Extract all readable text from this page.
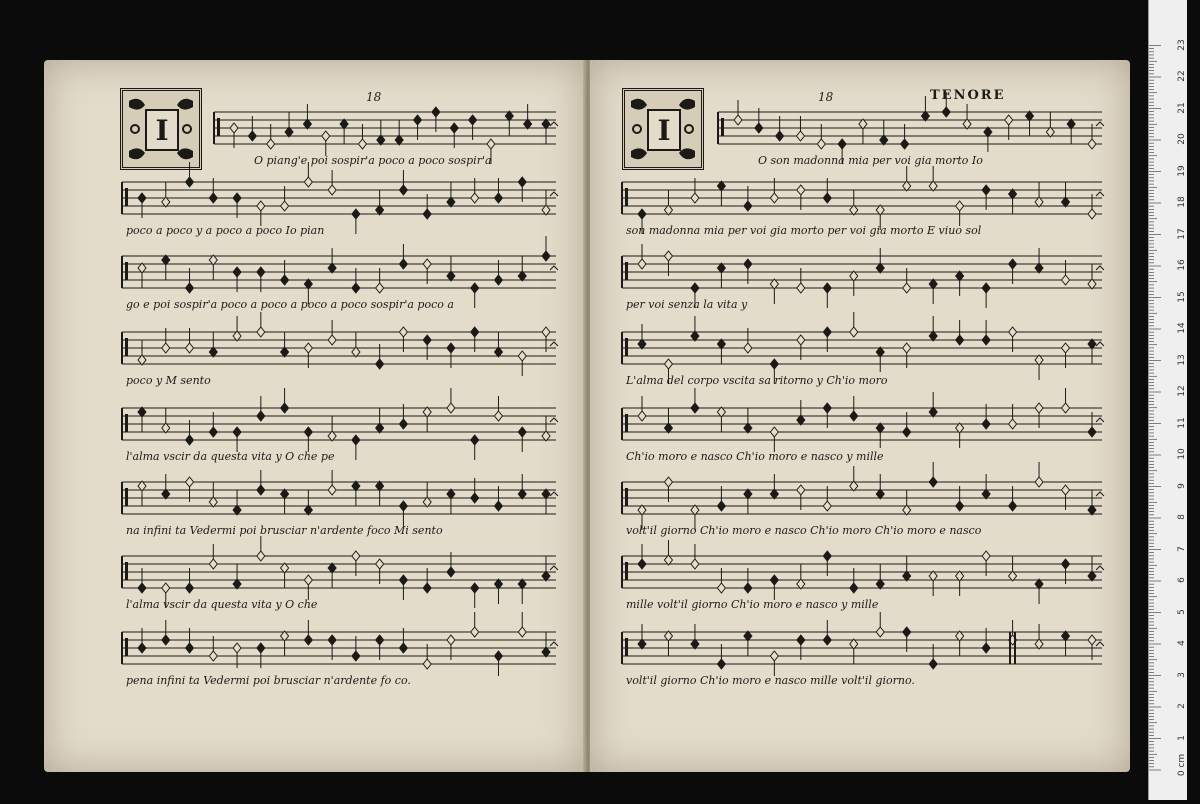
I
18
O piang'e poi sospir'a poco a poco sospir'a
poco a poco y a poco a poco Io pian
go e poi sospir'a poco a poco a poco a poco sospir'a poco a
poco y M sento
l'alma vscir da questa vita y O che pe
na infini ta Vedermi poi brusciar n'ardente foco Mi sento
l'alma vscir da questa vita y O che
pena infini ta Vedermi poi brusciar n'ardente fo co.
I
18	TENORE
O son madonna mia per voi gia morto Io
son madonna mia per voi gia morto per voi gia morto E viuo sol
per voi senza la vita y
L'alma del corpo vscita sa ritorno y Ch'io moro
Ch'io moro e nasco Ch'io moro e nasco y mille
volt'il giorno Ch'io moro e nasco Ch'io moro Ch'io moro e nasco
mille volt'il giorno Ch'io moro e nasco y mille
volt'il giorno Ch'io moro e nasco mille volt'il giorno.
1
2
3
4
5
6
7
8
9
10
11
12
13
14
15
16
17
18
19
20
21
22
23
0 cm
